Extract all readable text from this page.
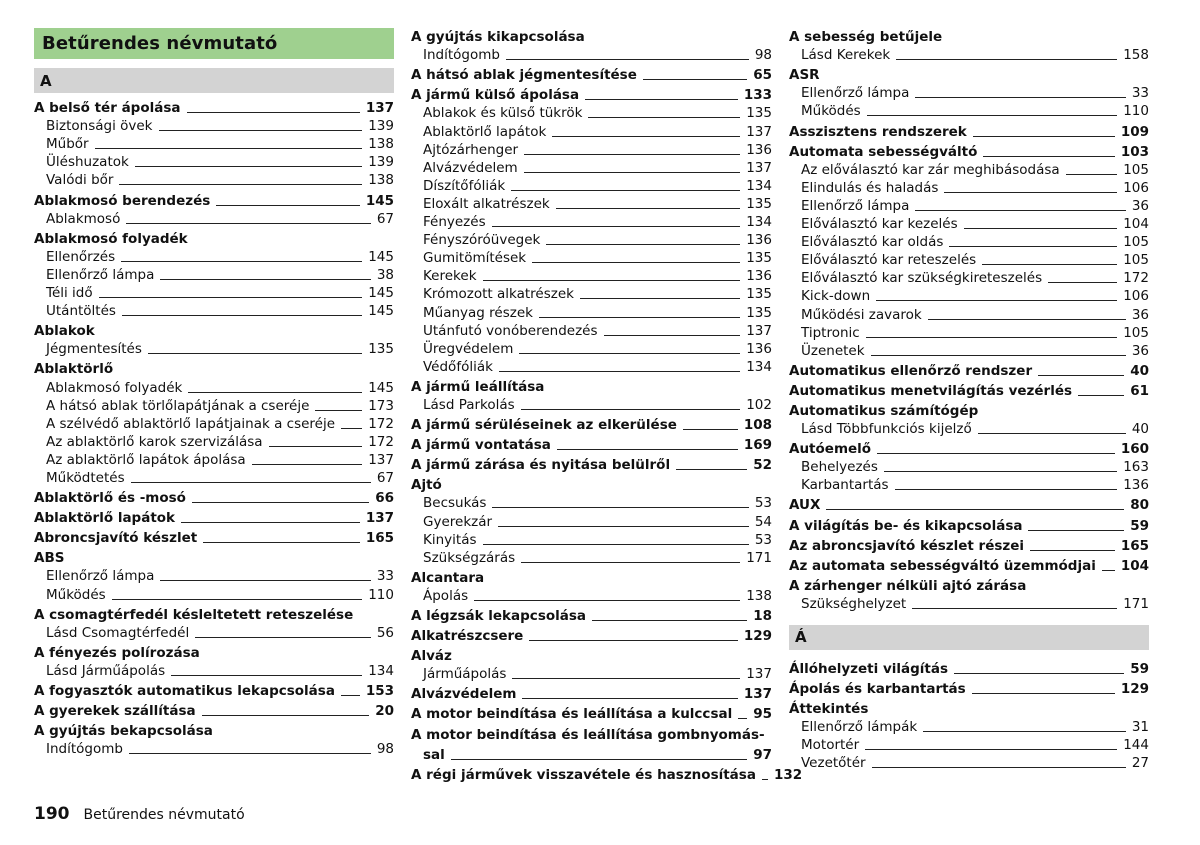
Betűrendes névmutató
A
A belső tér ápolása	137
Biztonsági övek	139
Műbőr	138
Üléshuzatok	139
Valódi bőr	138
Ablakmosó berendezés	145
Ablakmosó	67
Ablakmosó folyadék
Ellenőrzés	145
Ellenőrző lámpa	38
Téli idő	145
Utántöltés	145
Ablakok
Jégmentesítés	135
Ablaktörlő
Ablakmosó folyadék	145
A hátsó ablak törlőlapátjának a cseréje	173
A szélvédő ablaktörlő lapátjainak a cseréje 172
Az ablaktörlő karok szervizálása	172
Az ablaktörlő lapátok ápolása	137
Működtetés	67
Ablaktörlő és -mosó	66
Ablaktörlő lapátok	137
Abroncsjavító készlet	165
ABS
Ellenőrző lámpa	33
Működés	110
A csomagtérfedél késleltetett reteszelése
Lásd Csomagtérfedél	56
A fényezés polírozása
Lásd Járműápolás	134
A fogyasztók automatikus lekapcsolása 153
A gyerekek szállítása	20
A gyújtás bekapcsolása
Indítógomb	98
A gyújtás kikapcsolása
Indítógomb	98
A hátsó ablak jégmentesítése	65
A jármű külső ápolása	133
Ablakok és külső tükrök	135
Ablaktörlő lapátok	137
Ajtózárhenger	136
Alvázvédelem	137
Díszítőfóliák	134
Eloxált alkatrészek	135
Fényezés	134
Fényszóróüvegek	136
Gumitömítések	135
Kerekek	136
Krómozott alkatrészek	135
Műanyag részek	135
Utánfutó vonóberendezés	137
Üregvédelem	136
Védőfóliák	134
A jármű leállítása
Lásd Parkolás	102
A jármű sérüléseinek az elkerülése	108
A jármű vontatása	169
A jármű zárása és nyitása belülről	52
Ajtó
Becsukás	53
Gyerekzár	54
Kinyitás	53
Szükségzárás	171
Alcantara
Ápolás	138
A légzsák lekapcsolása	18
Alkatrészcsere	129
Alváz
Járműápolás	137
Alvázvédelem	137
A motor beindítása és leállítása a kulccsal 95
A motor beindítása és leállítása gombnyomás-
sal	97
A régi járművek visszavétele és hasznosítása 132
A sebesség betűjele
Lásd Kerekek	158
ASR
Ellenőrző lámpa	33
Működés	110
Asszisztens rendszerek	109
Automata sebességváltó	103
Az előválasztó kar zár meghibásodása	105
Elindulás és haladás	106
Ellenőrző lámpa	36
Előválasztó kar kezelés	104
Előválasztó kar oldás	105
Előválasztó kar reteszelés	105
Előválasztó kar szükségkireteszelés	172
Kick-down	106
Működési zavarok	36
Tiptronic	105
Üzenetek	36
Automatikus ellenőrző rendszer	40
Automatikus menetvilágítás vezérlés	61
Automatikus számítógép
Lásd Többfunkciós kijelző	40
Autóemelő	160
Behelyezés	163
Karbantartás	136
AUX	80
A világítás be- és kikapcsolása	59
Az abroncsjavító készlet részei	165
Az automata sebességváltó üzemmódjai 104
A zárhenger nélküli ajtó zárása
Szükséghelyzet	171
Á
Állóhelyzeti világítás	59
Ápolás és karbantartás	129
Áttekintés
Ellenőrző lámpák	31
Motortér	144
Vezetőtér	27
190 Betűrendes névmutató
